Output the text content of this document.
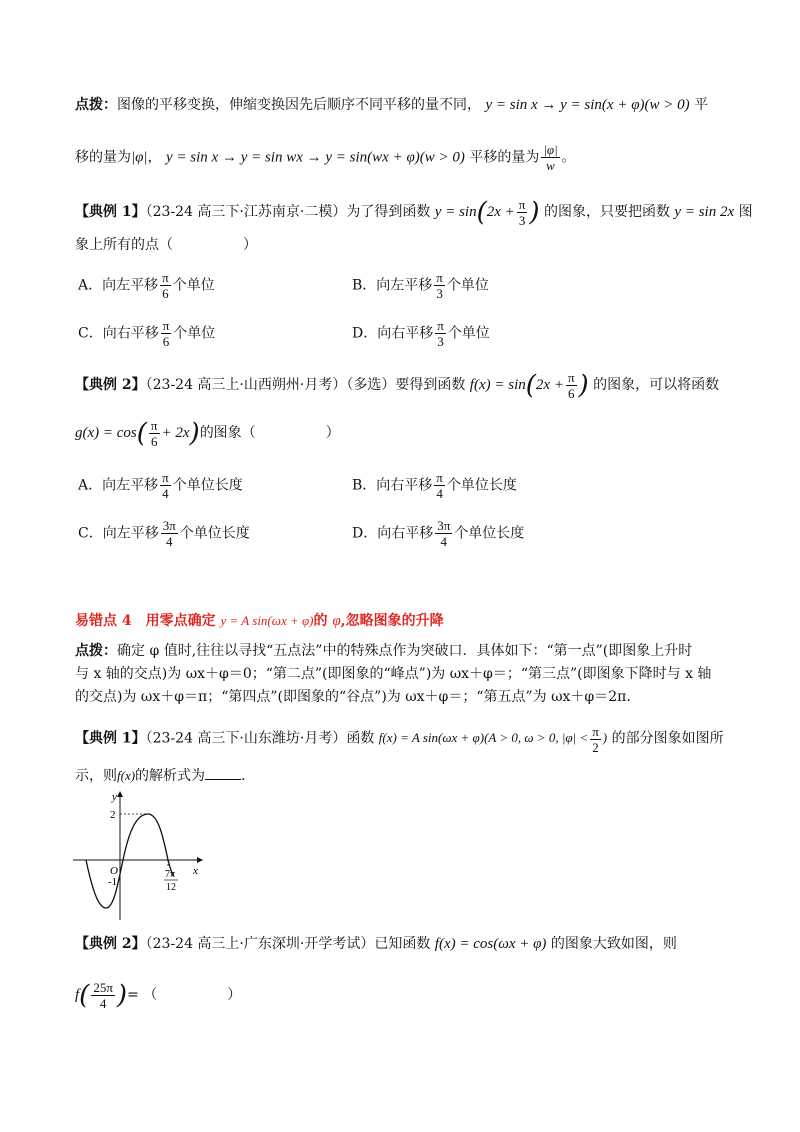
点拨：图像的平移变换，伸缩变换因先后顺序不同平移的量不同， y = sin x → y = sin(x + φ)(w > 0) 平
移的量为|φ|， y = sin x → y = sin wx → y = sin(wx + φ)(w > 0) 平移的量为 $\frac{|\varphi|}{w}$ 。
【典例 1】（23-24 高三下·江苏南京·二模）为了得到函数 $y = \sin(2x + \frac{\pi}{3}$ ) 的图象，只要把函数 y = sin 2x 图
象上所有的点（	）
A．向左平移 $\frac{\pi}{6}$ 个单位	B．向左平移 $\frac{\pi}{3}$ 个单位
C．向右平移 $\frac{\pi}{6}$ 个单位	D．向右平移 $\frac{\pi}{3}$ 个单位
【典例 2】（23-24 高三上·山西朔州·月考）（多选）要得到函数 $f(x) = \sin(2x + \frac{\pi}{6}$ ) 的图象，可以将函数
$g(x) = \cos( \frac{\pi}{6} + 2x)$的图象（	）
A．向左平移 $\frac{\pi}{4}$ 个单位长度	B．向右平移 $\frac{\pi}{4}$ 个单位长度
C．向左平移 $\frac{3\pi}{4}$ 个单位长度	D．向右平移 $\frac{3\pi}{4}$ 个单位长度
易错点 4　用零点确定 y = A sin(ωx + φ)的 φ,忽略图象的升降
点拨：确定 φ 值时,往往以寻找“五点法”中的特殊点作为突破口．具体如下：“第一点”(即图象上升时
与 x 轴的交点)为 ωx＋φ＝0；“第二点”(即图象的“峰点”)为 ωx＋φ＝；“第三点”(即图象下降时与 x 轴
的交点)为 ωx＋φ＝π；“第四点”(即图象的“谷点”)为 ωx＋φ＝；“第五点”为 ωx＋φ＝2π.
【典例 1】（23-24 高三下·山东潍坊·月考）函数 f(x) = A sin(ωx + φ)(A > 0, ω > 0, $|\varphi| < \frac{\pi}{2}$ ) 的部分图象如图所
示，则f(x)的解析式为	.
y
x
O
2
-1
7π
12
【典例 2】（23-24 高三上·广东深圳·开学考试）已知函数 f(x) = cos(ωx + φ) 的图象大致如图，则
$f( \frac{25\pi}{4}$ )= （	）
